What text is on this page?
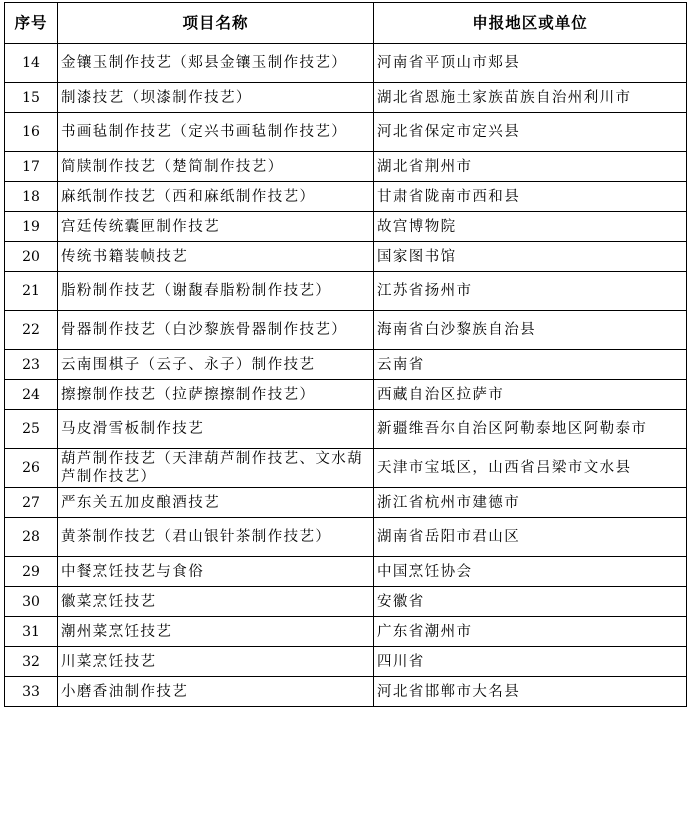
序号	项目名称	申报地区或单位
14	金镶玉制作技艺（郏县金镶玉制作技艺）	河南省平顶山市郏县
15	制漆技艺（坝漆制作技艺）	湖北省恩施土家族苗族自治州利川市
16	书画毡制作技艺（定兴书画毡制作技艺）	河北省保定市定兴县
17	简牍制作技艺（楚简制作技艺）	湖北省荆州市
18	麻纸制作技艺（西和麻纸制作技艺）	甘肃省陇南市西和县
19	宫廷传统囊匣制作技艺	故宫博物院
20	传统书籍装帧技艺	国家图书馆
21	脂粉制作技艺（谢馥春脂粉制作技艺）	江苏省扬州市
22	骨器制作技艺（白沙黎族骨器制作技艺）	海南省白沙黎族自治县
23	云南围棋子（云子、永子）制作技艺	云南省
24	擦擦制作技艺（拉萨擦擦制作技艺）	西藏自治区拉萨市
25	马皮滑雪板制作技艺	新疆维吾尔自治区阿勒泰地区阿勒泰市
26	葫芦制作技艺（天津葫芦制作技艺、文水葫芦制作技艺）	天津市宝坻区，山西省吕梁市文水县
27	严东关五加皮酿酒技艺	浙江省杭州市建德市
28	黄茶制作技艺（君山银针茶制作技艺）	湖南省岳阳市君山区
29	中餐烹饪技艺与食俗	中国烹饪协会
30	徽菜烹饪技艺	安徽省
31	潮州菜烹饪技艺	广东省潮州市
32	川菜烹饪技艺	四川省
33	小磨香油制作技艺	河北省邯郸市大名县
